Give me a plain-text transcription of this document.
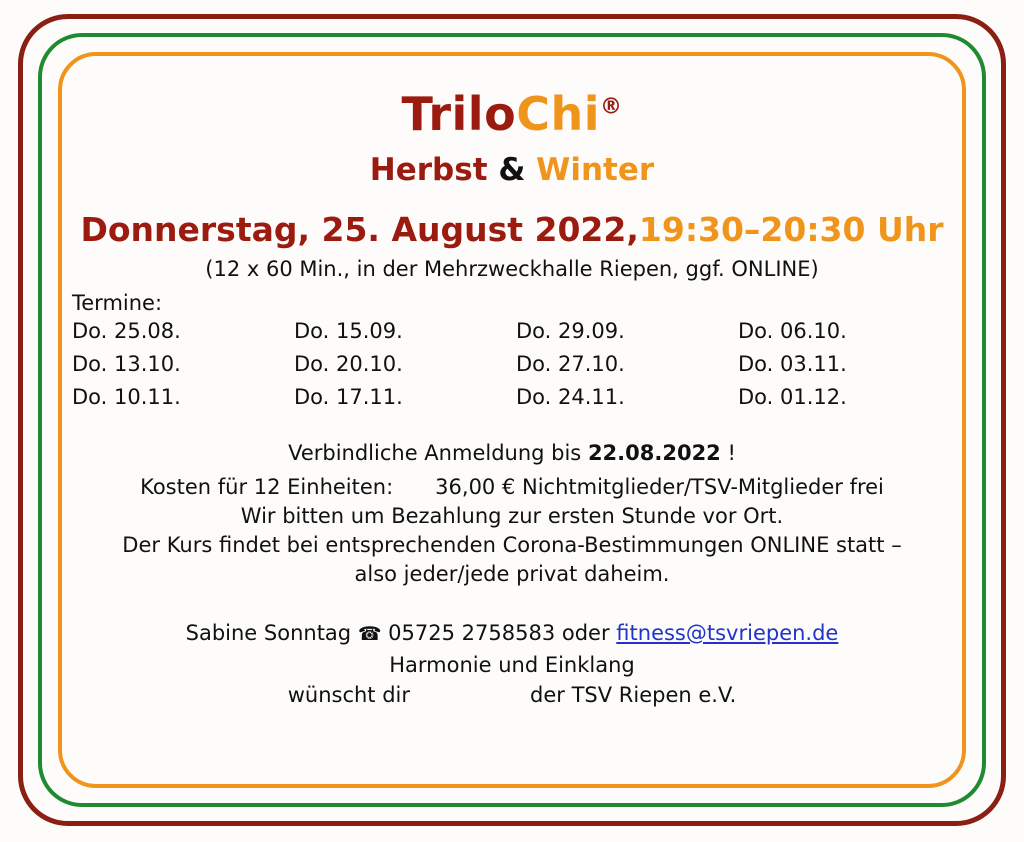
TriloChi®
Herbst & Winter
Donnerstag, 25. August 2022,19:30–20:30 Uhr
(12 x 60 Min., in der Mehrzweckhalle Riepen, ggf. ONLINE)
Termine:
Do. 25.08.	Do. 15.09.	Do. 29.09.	Do. 06.10.
Do. 13.10.	Do. 20.10.	Do. 27.10.	Do. 03.11.
Do. 10.11.	Do. 17.11.	Do. 24.11.	Do. 01.12.
Verbindliche Anmeldung bis 22.08.2022 !
Kosten für 12 Einheiten: 36,00 € Nichtmitglieder/TSV-Mitglieder frei
Wir bitten um Bezahlung zur ersten Stunde vor Ort.
Der Kurs findet bei entsprechenden Corona-Bestimmungen ONLINE statt –
also jeder/jede privat daheim.
Sabine Sonntag ☎ 05725 2758583 oder fitness@tsvriepen.de
Harmonie und Einklang
wünscht dir	der TSV Riepen e.V.
